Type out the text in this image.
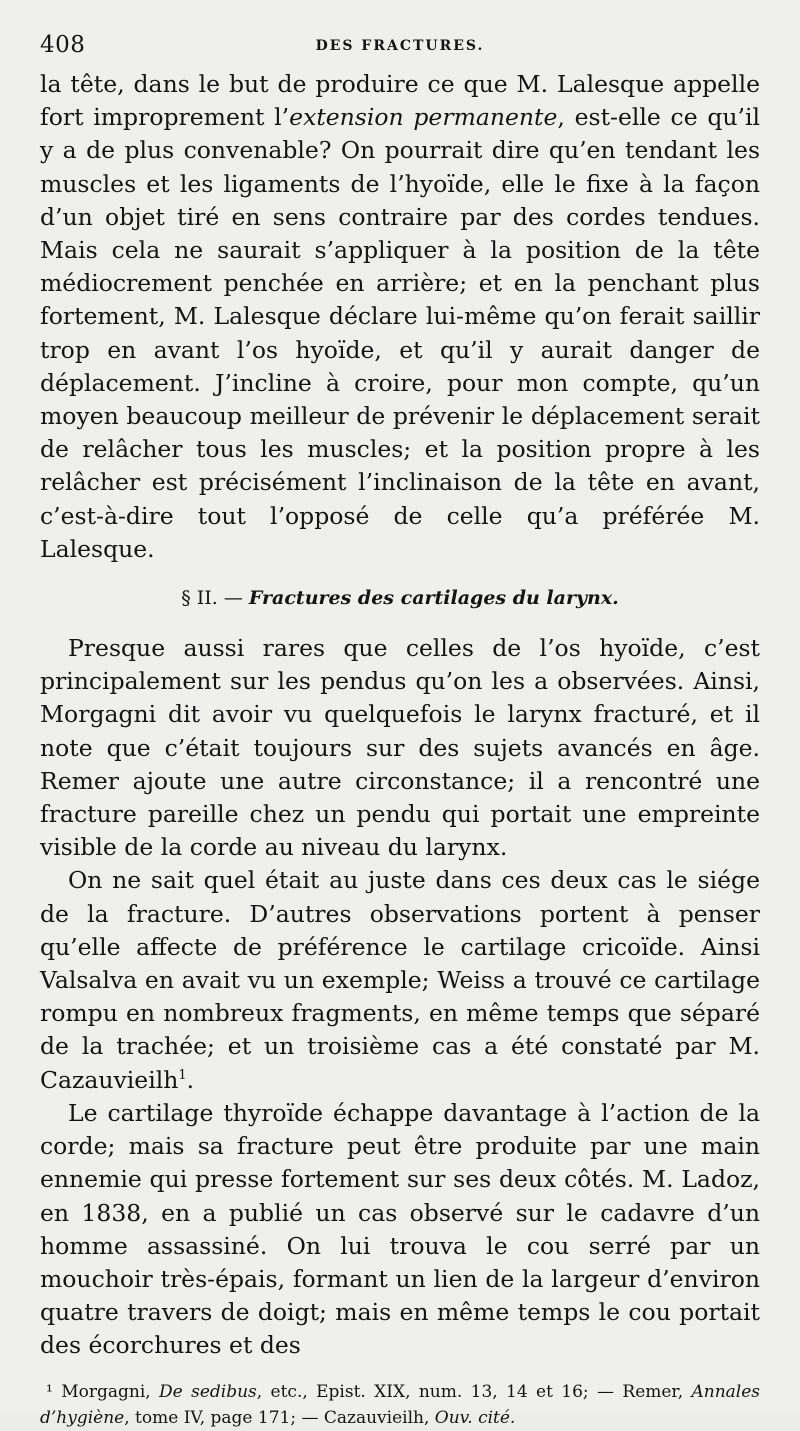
408	DES FRACTURES.

la tête, dans le but de produire ce que M. Lalesque appelle fort improprement l’extension permanente, est-elle ce qu’il y a de plus convenable? On pourrait dire qu’en tendant les muscles et les ligaments de l’hyoïde, elle le fixe à la façon d’un objet tiré en sens contraire par des cordes tendues. Mais cela ne saurait s’appliquer à la position de la tête médiocrement penchée en arrière; et en la penchant plus fortement, M. Lalesque déclare lui-même qu’on ferait saillir trop en avant l’os hyoïde, et qu’il y aurait danger de déplacement. J’incline à croire, pour mon compte, qu’un moyen beaucoup meilleur de prévenir le déplacement serait de relâcher tous les muscles; et la position propre à les relâcher est précisément l’inclinaison de la tête en avant, c’est-à-dire tout l’opposé de celle qu’a préférée M. Lalesque.

§ II. — Fractures des cartilages du larynx.

Presque aussi rares que celles de l’os hyoïde, c’est principalement sur les pendus qu’on les a observées. Ainsi, Morgagni dit avoir vu quelquefois le larynx fracturé, et il note que c’était toujours sur des sujets avancés en âge. Remer ajoute une autre circonstance; il a rencontré une fracture pareille chez un pendu qui portait une empreinte visible de la corde au niveau du larynx.

On ne sait quel était au juste dans ces deux cas le siége de la fracture. D’autres observations portent à penser qu’elle affecte de préférence le cartilage cricoïde. Ainsi Valsalva en avait vu un exemple; Weiss a trouvé ce cartilage rompu en nombreux fragments, en même temps que séparé de la trachée; et un troisième cas a été constaté par M. Cazauvieilh$^1$.

Le cartilage thyroïde échappe davantage à l’action de la corde; mais sa fracture peut être produite par une main ennemie qui presse fortement sur ses deux côtés. M. Ladoz, en 1838, en a publié un cas observé sur le cadavre d’un homme assassiné. On lui trouva le cou serré par un mouchoir très-épais, formant un lien de la largeur d’environ quatre travers de doigt; mais en même temps le cou portait des écorchures et des

¹ Morgagni, De sedibus, etc., Epist. XIX, num. 13, 14 et 16; — Remer, Annales d’hygiène, tome IV, page 171; — Cazauvieilh, Ouv. cité.
